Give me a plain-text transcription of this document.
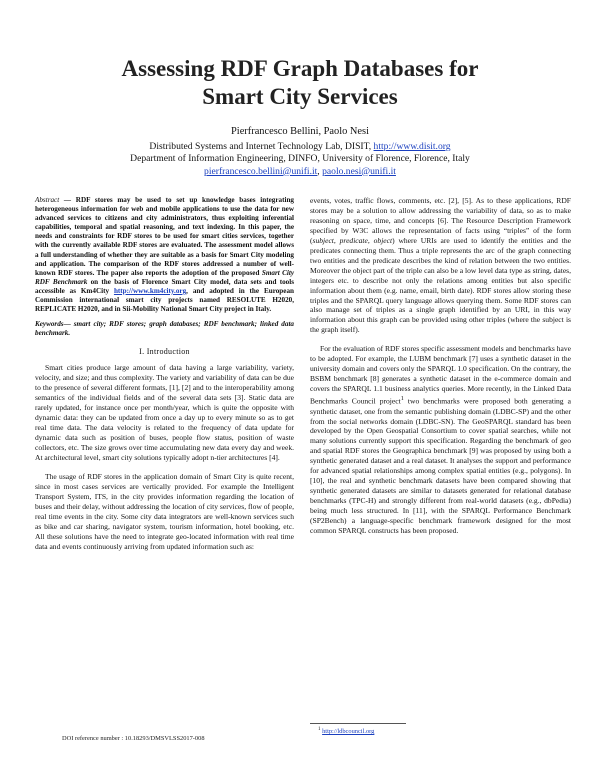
Assessing RDF Graph Databases for
Smart City Services
Pierfrancesco Bellini, Paolo Nesi
Distributed Systems and Internet Technology Lab, DISIT, http://www.disit.org
Department of Information Engineering, DINFO, University of Florence, Florence, Italy
pierfrancesco.bellini@unifi.it, paolo.nesi@unifi.it

Abstract — RDF stores may be used to set up knowledge bases integrating heterogeneous information for web and mobile applications to use the data for new advanced services to citizens and city administrators, thus exploiting inferential capabilities, temporal and spatial reasoning, and text indexing. In this paper, the needs and constraints for RDF stores to be used for smart cities services, together with the currently available RDF stores are evaluated. The assessment model allows a full understanding of whether they are suitable as a basis for Smart City modeling and application. The comparison of the RDF stores addressed a number of well-known RDF stores. The paper also reports the adoption of the proposed Smart City RDF Benchmark on the basis of Florence Smart City model, data sets and tools accessible as Km4City http://www.km4city.org, and adopted in the European Commission international smart city projects named RESOLUTE H2020, REPLICATE H2020, and in Sii-Mobility National Smart City project in Italy.

Keywords— smart city; RDF stores; graph databases; RDF benchmark; linked data benchmark.

I. Introduction

Smart cities produce large amount of data having a large variability, variety, velocity, and size; and thus complexity. The variety and variability of data can be due to the presence of several different formats, [1], [2] and to the interoperability among semantics of the individual fields and of the several data sets [3]. Static data are rarely updated, for instance once per month/year, which is quite the opposite with dynamic data: they can be updated from once a day up to every minute so as to get real time data. The data velocity is related to the frequency of data update for dynamic data such as position of buses, people flow status, position of waste collectors, etc. The size grows over time accumulating new data every day and week. At architectural level, smart city solutions typically adopt n-tier architectures [4].

The usage of RDF stores in the application domain of Smart City is quite recent, since in most cases services are vertically provided. For example the Intelligent Transport System, ITS, in the city provides information regarding the location of buses and their delay, without addressing the location of city services, flow of people, real time events in the city. Some city data integrators are well-known services such as bike and car sharing, navigator system, tourism information, hotel booking, etc. All these solutions have the need to integrate geo-located information with real time data and events continuously arriving from updated information such as:

events, votes, traffic flows, comments, etc. [2], [5]. As to these applications, RDF stores may be a solution to allow addressing the variability of data, so as to make reasoning on space, time, and concepts [6]. The Resource Description Framework specified by W3C allows the representation of facts using “triples” of the form (subject, predicate, object) where URIs are used to identify the entities and the predicates connecting them. Thus a triple represents the arc of the graph connecting two entities and the predicate describes the kind of relation between the two entities. Moreover the object part of the triple can also be a low level data type as string, dates, integers etc. to describe not only the relations among entities but also specific information about them (e.g. name, email, birth date). RDF stores allow storing these triples and the SPARQL query language allows querying them. Some RDF stores can also manage set of triples as a single graph identified by an URI, in this way information about this graph can be provided using other triples (where the subject is the graph itself).

For the evaluation of RDF stores specific assessment models and benchmarks have to be adopted. For example, the LUBM benchmark [7] uses a synthetic dataset in the university domain and covers only the SPARQL 1.0 specification. On the contrary, the BSBM benchmark [8] generates a synthetic dataset in the e-commerce domain and covers the SPARQL 1.1 business analytics queries. More recently, in the Linked Data Benchmarks Council project$^1$ two benchmarks were proposed both generating a synthetic dataset, one from the semantic publishing domain (LDBC-SP) and the other from the social networks domain (LDBC-SN). The GeoSPARQL standard has been developed by the Open Geospatial Consortium to cover spatial searches, while not many solutions currently support this specification. Regarding the benchmark of geo and spatial RDF stores the Geographica benchmark [9] was proposed by using both a synthetic generated dataset and a real dataset. It analyses the support and performance for advanced spatial relationships among complex spatial entities (e.g., polygons). In [10], the real and synthetic benchmark datasets have been compared showing that synthetic generated datasets are similar to datasets generated for relational database benchmarks (TPC-H) and strongly different from real-world datasets (e.g., dbPedia) being much less structured. In [11], with the SPARQL Performance Benchmark (SP2Bench) a language-specific benchmark framework designed for the most common SPARQL constructs has been proposed.

DOI reference number : 10.18293/DMSVLSS2017-008
$^1$ http://ldbcouncil.org
